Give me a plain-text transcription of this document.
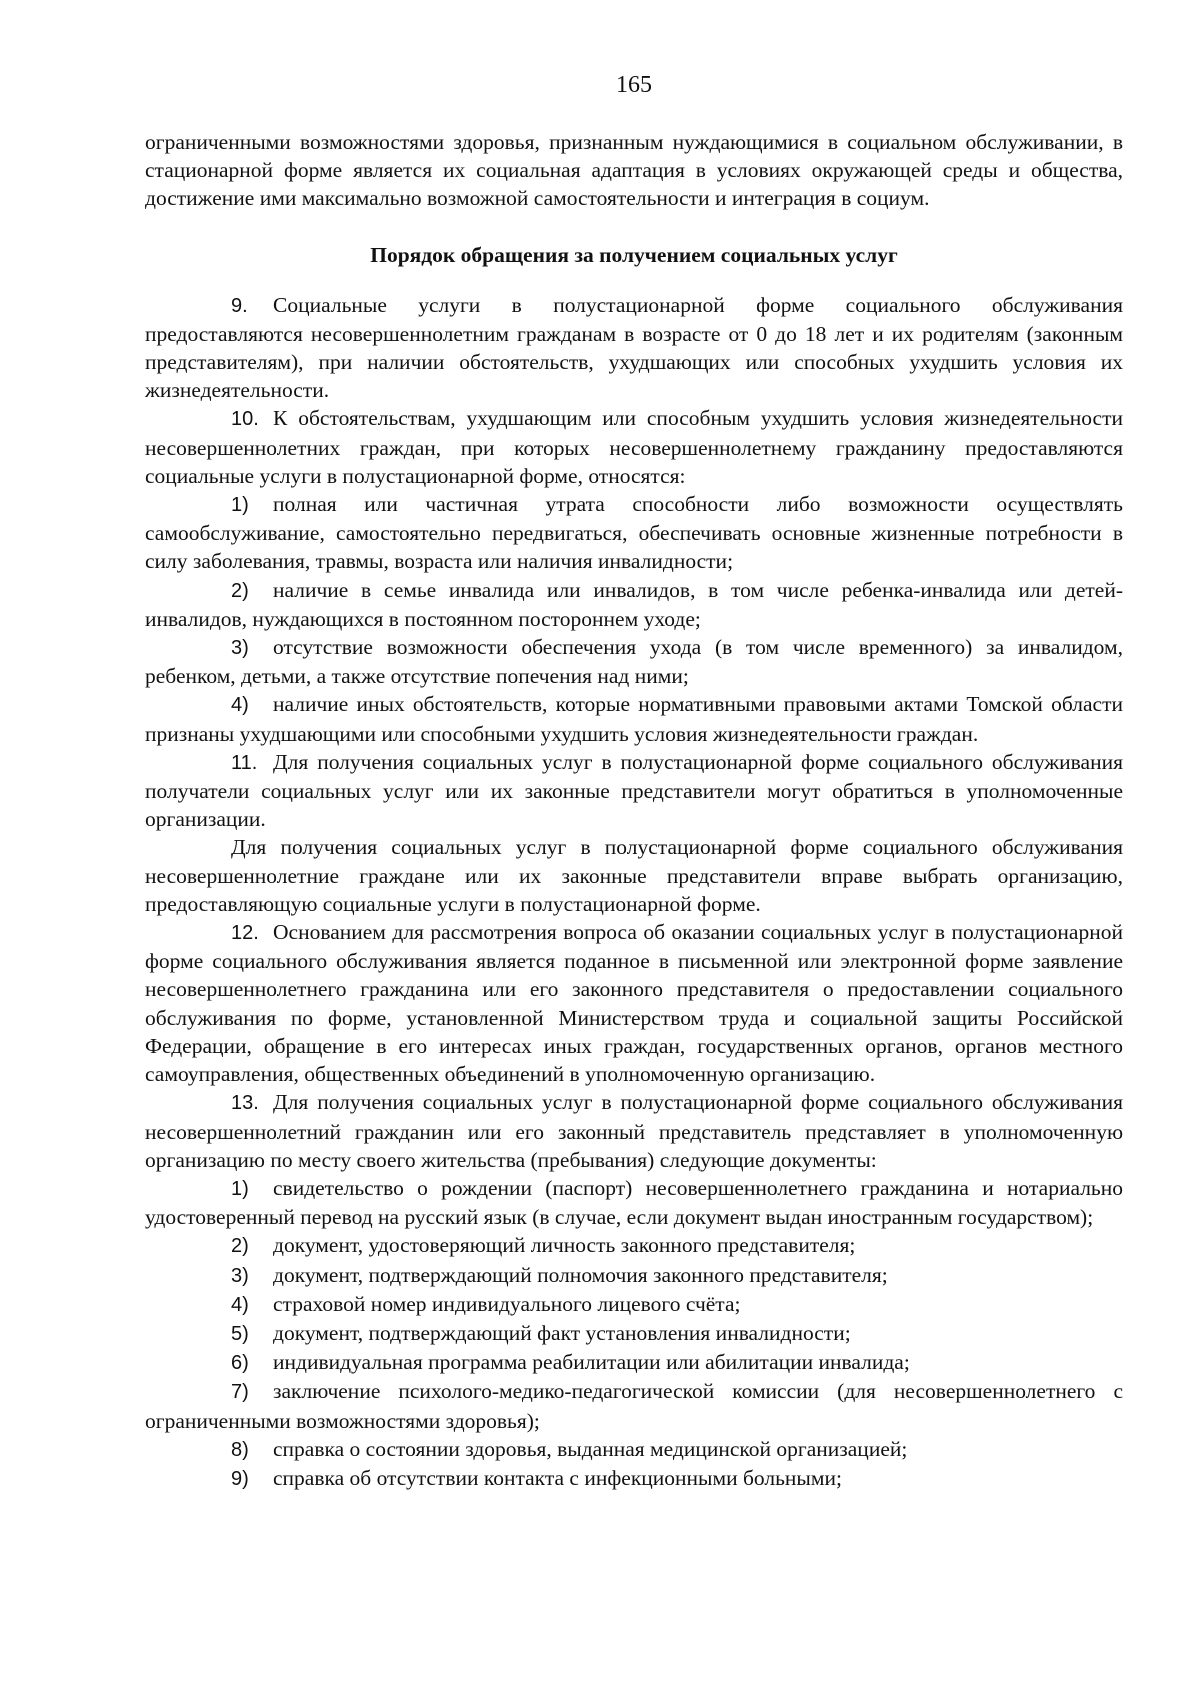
165

ограниченными возможностями здоровья, признанным нуждающимися в социальном обслуживании, в стационарной форме является их социальная адаптация в условиях окружающей среды и общества, достижение ими максимально возможной самостоятельности и интеграция в социум.

Порядок обращения за получением социальных услуг

9. Социальные услуги в полустационарной форме социального обслуживания предоставляются несовершеннолетним гражданам в возрасте от 0 до 18 лет и их родителям (законным представителям), при наличии обстоятельств, ухудшающих или способных ухудшить условия их жизнедеятельности.

10. К обстоятельствам, ухудшающим или способным ухудшить условия жизнедеятельности несовершеннолетних граждан, при которых несовершеннолетнему гражданину предоставляются социальные услуги в полустационарной форме, относятся:

1) полная или частичная утрата способности либо возможности осуществлять самообслуживание, самостоятельно передвигаться, обеспечивать основные жизненные потребности в силу заболевания, травмы, возраста или наличия инвалидности;

2) наличие в семье инвалида или инвалидов, в том числе ребенка-инвалида или детей-инвалидов, нуждающихся в постоянном постороннем уходе;

3) отсутствие возможности обеспечения ухода (в том числе временного) за инвалидом, ребенком, детьми, а также отсутствие попечения над ними;

4) наличие иных обстоятельств, которые нормативными правовыми актами Томской области признаны ухудшающими или способными ухудшить условия жизнедеятельности граждан.

11. Для получения социальных услуг в полустационарной форме социального обслуживания получатели социальных услуг или их законные представители могут обратиться в уполномоченные организации.

Для получения социальных услуг в полустационарной форме социального обслуживания несовершеннолетние граждане или их законные представители вправе выбрать организацию, предоставляющую социальные услуги в полустационарной форме.

12. Основанием для рассмотрения вопроса об оказании социальных услуг в полустационарной форме социального обслуживания является поданное в письменной или электронной форме заявление несовершеннолетнего гражданина или его законного представителя о предоставлении социального обслуживания по форме, установленной Министерством труда и социальной защиты Российской Федерации, обращение в его интересах иных граждан, государственных органов, органов местного самоуправления, общественных объединений в уполномоченную организацию.

13. Для получения социальных услуг в полустационарной форме социального обслуживания несовершеннолетний гражданин или его законный представитель представляет в уполномоченную организацию по месту своего жительства (пребывания) следующие документы:

1) свидетельство о рождении (паспорт) несовершеннолетнего гражданина и нотариально удостоверенный перевод на русский язык (в случае, если документ выдан иностранным государством);

2) документ, удостоверяющий личность законного представителя;

3) документ, подтверждающий полномочия законного представителя;

4) страховой номер индивидуального лицевого счёта;

5) документ, подтверждающий факт установления инвалидности;

6) индивидуальная программа реабилитации или абилитации инвалида;

7) заключение психолого-медико-педагогической комиссии (для несовершеннолетнего с ограниченными возможностями здоровья);

8) справка о состоянии здоровья, выданная медицинской организацией;

9) справка об отсутствии контакта с инфекционными больными;
